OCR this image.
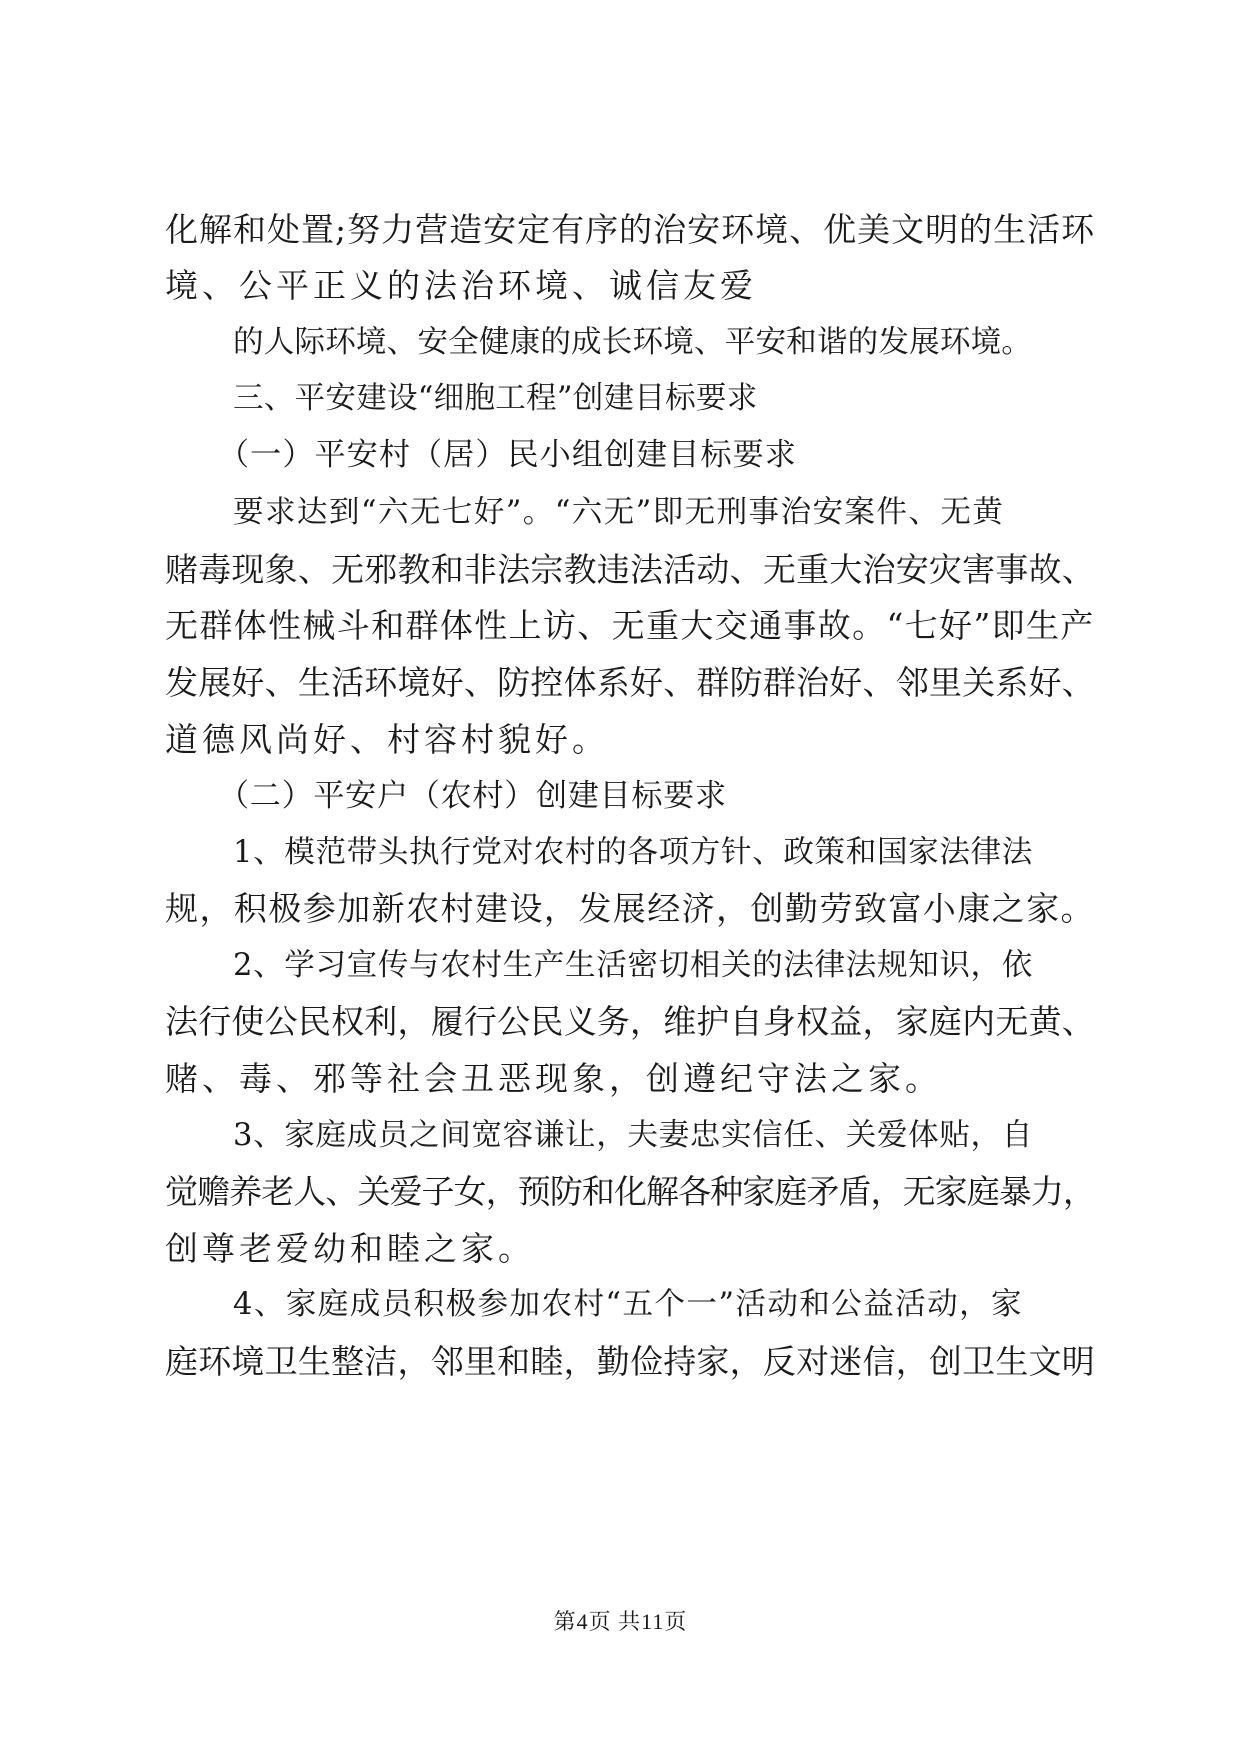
化解和处置;努力营造安定有序的治安环境、优美文明的生活环
境、公平正义的法治环境、诚信友爱
的人际环境、安全健康的成长环境、平安和谐的发展环境。
三、平安建设“细胞工程”创建目标要求
（一）平安村（居）民小组创建目标要求
要求达到“六无七好”。“六无”即无刑事治安案件、无黄
赌毒现象、无邪教和非法宗教违法活动、无重大治安灾害事故、
无群体性械斗和群体性上访、无重大交通事故。“七好”即生产
发展好、生活环境好、防控体系好、群防群治好、邻里关系好、
道德风尚好、村容村貌好。
（二）平安户（农村）创建目标要求
1、模范带头执行党对农村的各项方针、政策和国家法律法
规，积极参加新农村建设，发展经济，创勤劳致富小康之家。
2、学习宣传与农村生产生活密切相关的法律法规知识，依
法行使公民权利，履行公民义务，维护自身权益，家庭内无黄、
赌、毒、邪等社会丑恶现象，创遵纪守法之家。
3、家庭成员之间宽容谦让，夫妻忠实信任、关爱体贴，自
觉赡养老人、关爱子女，预防和化解各种家庭矛盾，无家庭暴力，
创尊老爱幼和睦之家。
4、家庭成员积极参加农村“五个一”活动和公益活动，家
庭环境卫生整洁，邻里和睦，勤俭持家，反对迷信，创卫生文明
第4页 共11页
